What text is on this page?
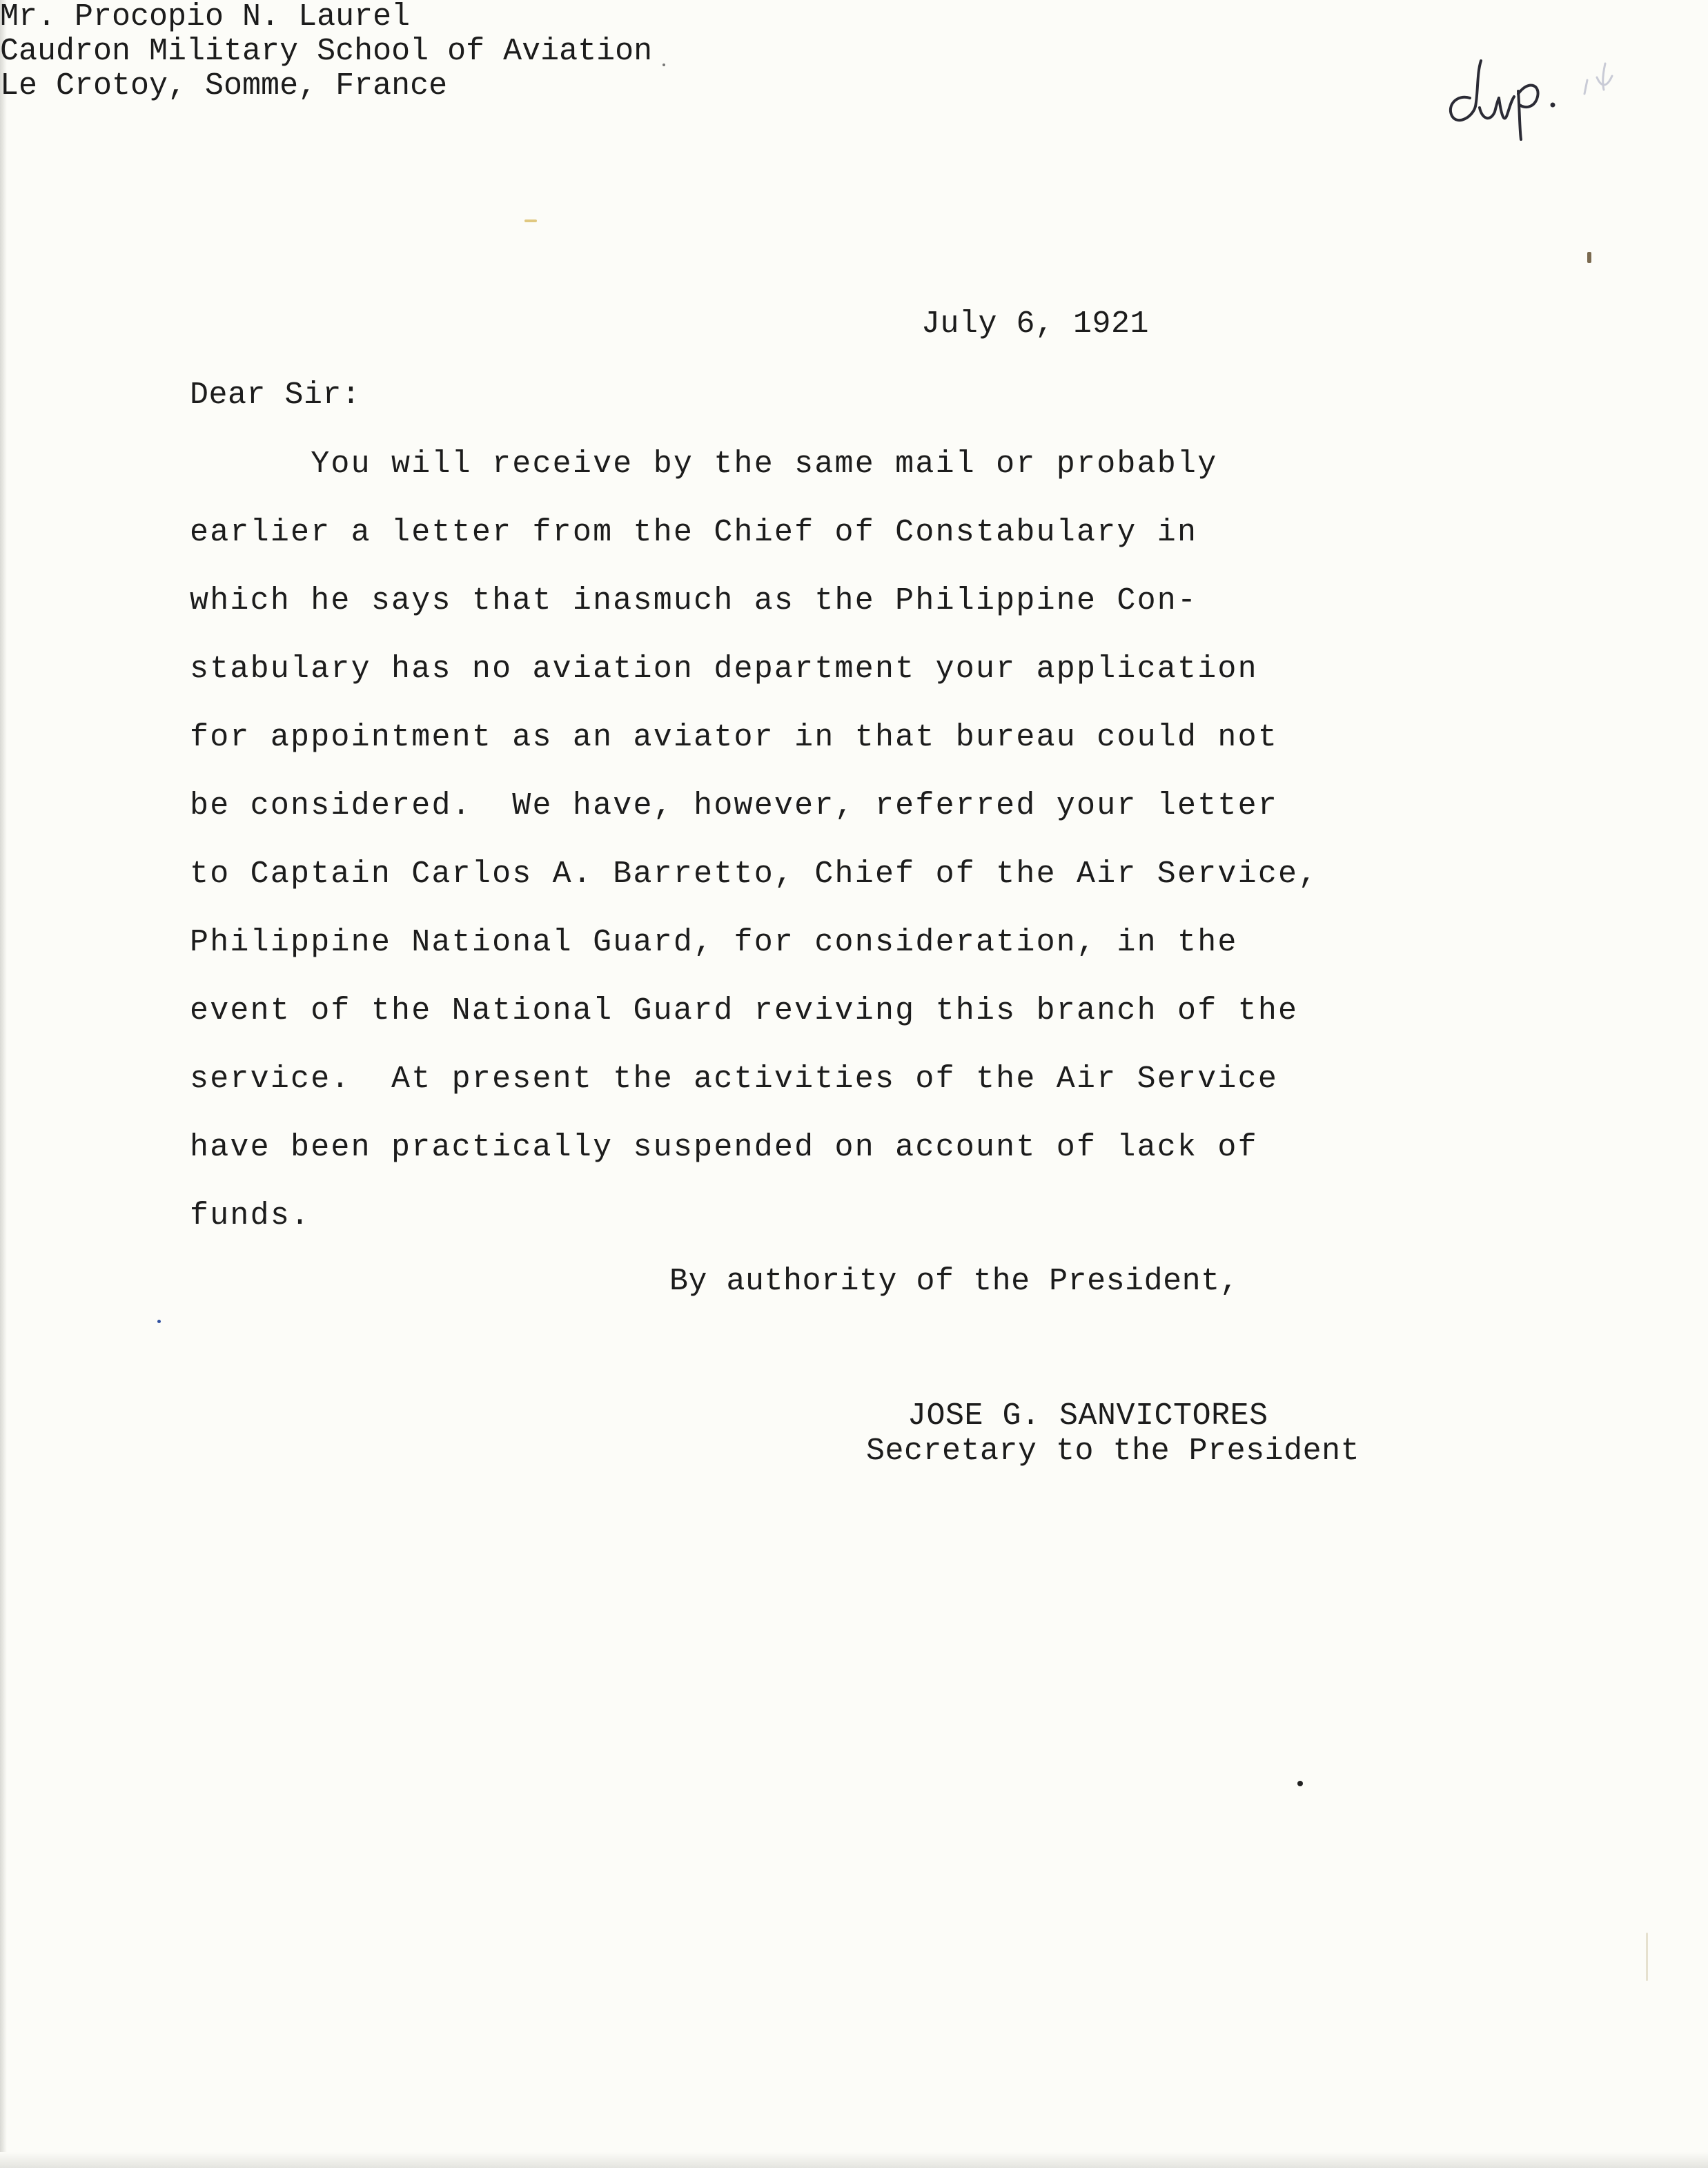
July 6, 1921
Dear Sir:
You will receive by the same mail or probably
earlier a letter from the Chief of Constabulary in
which he says that inasmuch as the Philippine Con-
stabulary has no aviation department your application
for appointment as an aviator in that bureau could not
be considered.  We have, however, referred your letter
to Captain Carlos A. Barretto, Chief of the Air Service,
Philippine National Guard, for consideration, in the
event of the National Guard reviving this branch of the
service.  At present the activities of the Air Service
have been practically suspended on account of lack of
funds.
By authority of the President,
JOSE G. SANVICTORES
Secretary to the President
Mr. Procopio N. Laurel
Caudron Military School of Aviation
Le Crotoy, Somme, France
